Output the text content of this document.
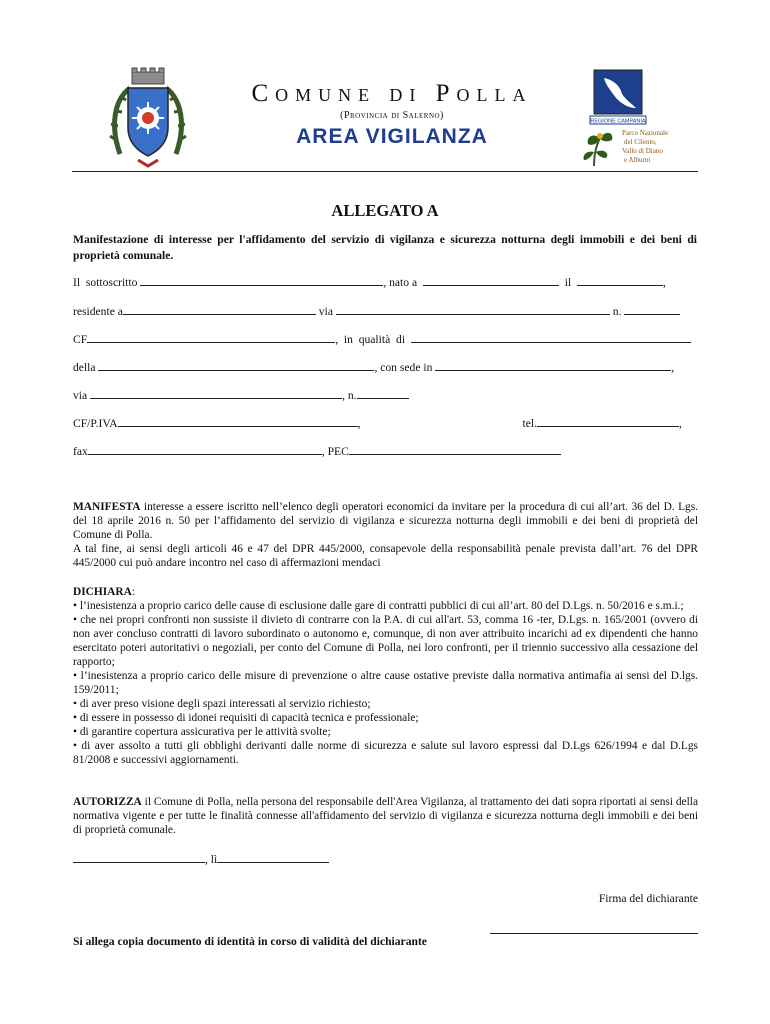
Comune di Polla
(Provincia di Salerno)
AREA VIGILANZA
REGIONE CAMPANIA
Parco Nazionale
del Cilento,
Vallo di Diano
e Alburni
ALLEGATO A
Manifestazione di interesse per l'affidamento del servizio di vigilanza e sicurezza notturna degli immobili e dei beni di proprietà comunale.
Il  sottoscritto	, nato a	il	,
residente a	via	n.
CF	,  in  qualità  di
della	, con sede in	,
via	, n.
CF/P.IVA	,	tel.	,
fax	, PEC
MANIFESTA interesse a essere iscritto nell’elenco degli operatori economici da invitare per la procedura di cui all’art. 36 del D. Lgs. del 18 aprile 2016 n. 50 per l’affidamento del servizio di vigilanza e sicurezza notturna degli immobili e dei beni di proprietà del Comune di Polla.
A tal fine, ai sensi degli articoli 46 e 47 del DPR 445/2000, consapevole della responsabilità penale prevista dall’art. 76 del DPR 445/2000 cui può andare incontro nel caso di affermazioni mendaci
DICHIARA:
• l’inesistenza a proprio carico delle cause di esclusione dalle gare di contratti pubblici di cui all’art. 80 del D.Lgs. n. 50/2016 e s.m.i.;
• che nei propri confronti non sussiste il divieto di contrarre con la P.A. di cui all'art. 53, comma 16 -ter, D.Lgs. n. 165/2001 (ovvero di non aver concluso contratti di lavoro subordinato o autonomo e, comunque, di non aver attribuito incarichi ad ex dipendenti che hanno esercitato poteri autoritativi o negoziali, per conto del Comune di Polla, nei loro confronti, per il triennio successivo alla cessazione del rapporto;
• l’inesistenza a proprio carico delle misure di prevenzione o altre cause ostative previste dalla normativa antimafia ai sensi del D.lgs. 159/2011;
• di aver preso visione degli spazi interessati al servizio richiesto;
• di essere in possesso di idonei requisiti di capacità tecnica e professionale;
• di garantire copertura assicurativa per le attività svolte;
• di aver assolto a tutti gli obblighi derivanti dalle norme di sicurezza e salute sul lavoro espressi dal D.Lgs 626/1994 e dal D.Lgs 81/2008 e successivi aggiornamenti.
AUTORIZZA il Comune di Polla, nella persona del responsabile dell'Area Vigilanza, al trattamento dei dati sopra riportati ai sensi della normativa vigente e per tutte le finalità connesse all'affidamento del servizio di vigilanza e sicurezza notturna degli immobili e dei beni di proprietà comunale.
, lì
Firma del dichiarante
Si allega copia documento di identità in corso di validità del dichiarante
